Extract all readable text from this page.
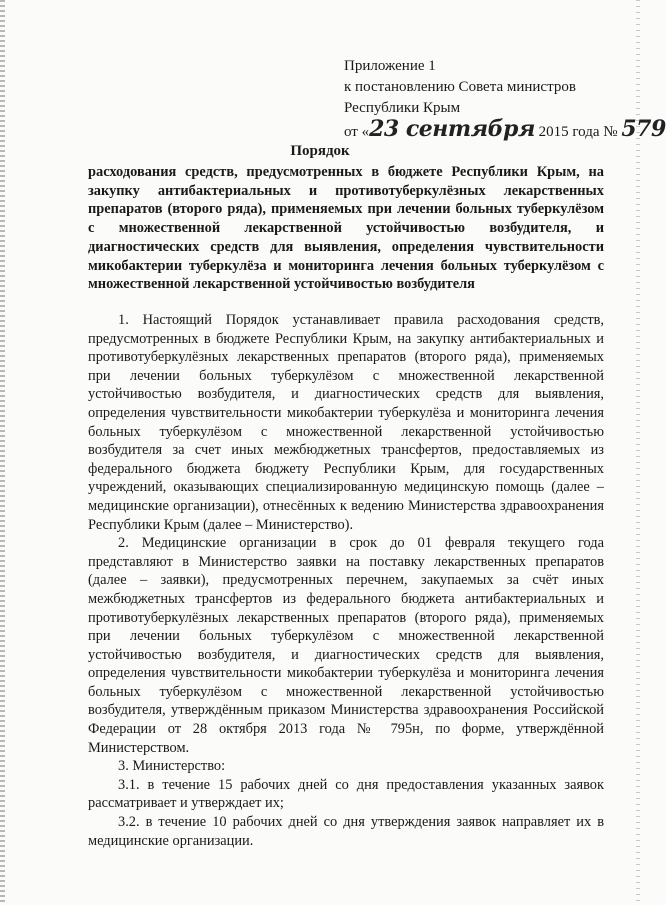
Приложение 1
к постановлению Совета министров
Республики Крым
от «23 сентября 2015 года № 579
Порядок
расходования средств, предусмотренных в бюджете Республики Крым, на закупку антибактериальных и противотуберкулёзных лекарственных препаратов (второго ряда), применяемых при лечении больных туберкулёзом с множественной лекарственной устойчивостью возбудителя, и диагностических средств для выявления, определения чувствительности микобактерии туберкулёза и мониторинга лечения больных туберкулёзом с множественной лекарственной устойчивостью возбудителя

1. Настоящий Порядок устанавливает правила расходования средств, предусмотренных в бюджете Республики Крым, на закупку антибактериальных и противотуберкулёзных лекарственных препаратов (второго ряда), применяемых при лечении больных туберкулёзом с множественной лекарственной устойчивостью возбудителя, и диагностических средств для выявления, определения чувствительности микобактерии туберкулёза и мониторинга лечения больных туберкулёзом с множественной лекарственной устойчивостью возбудителя за счет иных межбюджетных трансфертов, предоставляемых из федерального бюджета бюджету Республики Крым, для государственных учреждений, оказывающих специализированную медицинскую помощь (далее – медицинские организации), отнесённых к ведению Министерства здравоохранения Республики Крым (далее – Министерство).

2. Медицинские организации в срок до 01 февраля текущего года представляют в Министерство заявки на поставку лекарственных препаратов (далее – заявки), предусмотренных перечнем, закупаемых за счёт иных межбюджетных трансфертов из федерального бюджета антибактериальных и противотуберкулёзных лекарственных препаратов (второго ряда), применяемых при лечении больных туберкулёзом с множественной лекарственной устойчивостью возбудителя, и диагностических средств для выявления, определения чувствительности микобактерии туберкулёза и мониторинга лечения больных туберкулёзом с множественной лекарственной устойчивостью возбудителя, утверждённым приказом Министерства здравоохранения Российской Федерации от 28 октября 2013 года № 795н, по форме, утверждённой Министерством.

3. Министерство:

3.1. в течение 15 рабочих дней со дня предоставления указанных заявок рассматривает и утверждает их;

3.2. в течение 10 рабочих дней со дня утверждения заявок направляет их в медицинские организации.
